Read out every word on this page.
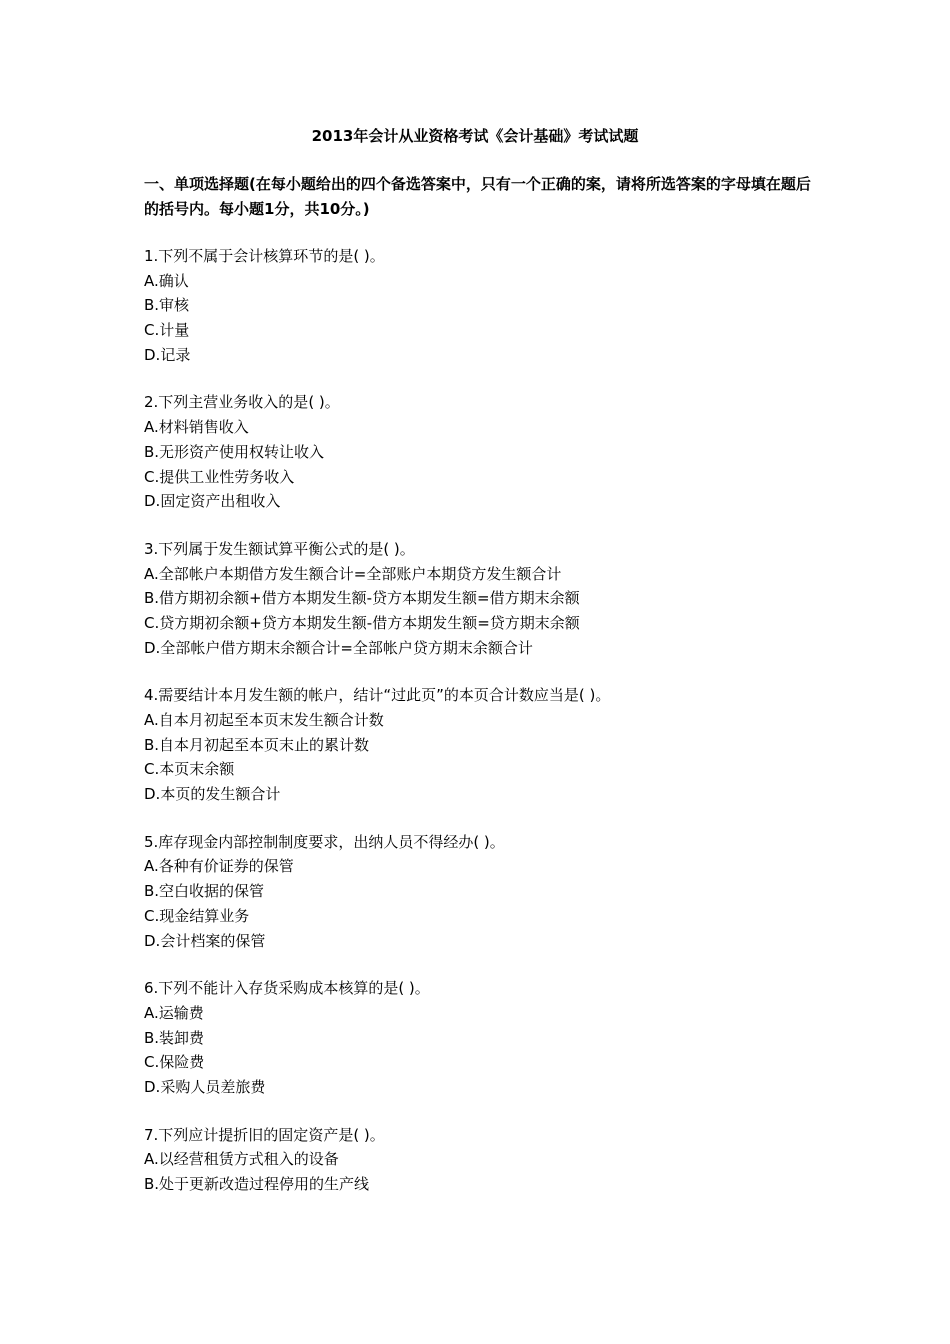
2013年会计从业资格考试《会计基础》考试试题

一、单项选择题(在每小题给出的四个备选答案中，只有一个正确的案，请将所选答案的字母填在题后的括号内。每小题1分，共10分。)

1.下列不属于会计核算环节的是( )。
A.确认
B.审核
C.计量
D.记录
2.下列主营业务收入的是( )。
A.材料销售收入
B.无形资产使用权转让收入
C.提供工业性劳务收入
D.固定资产出租收入
3.下列属于发生额试算平衡公式的是( )。
A.全部帐户本期借方发生额合计=全部账户本期贷方发生额合计
B.借方期初余额+借方本期发生额-贷方本期发生额=借方期末余额
C.贷方期初余额+贷方本期发生额-借方本期发生额=贷方期末余额
D.全部帐户借方期末余额合计=全部帐户贷方期末余额合计
4.需要结计本月发生额的帐户，结计“过此页”的本页合计数应当是( )。
A.自本月初起至本页末发生额合计数
B.自本月初起至本页末止的累计数
C.本页末余额
D.本页的发生额合计
5.库存现金内部控制制度要求，出纳人员不得经办( )。
A.各种有价证券的保管
B.空白收据的保管
C.现金结算业务
D.会计档案的保管
6.下列不能计入存货采购成本核算的是( )。
A.运输费
B.装卸费
C.保险费
D.采购人员差旅费
7.下列应计提折旧的固定资产是( )。
A.以经营租赁方式租入的设备
B.处于更新改造过程停用的生产线
